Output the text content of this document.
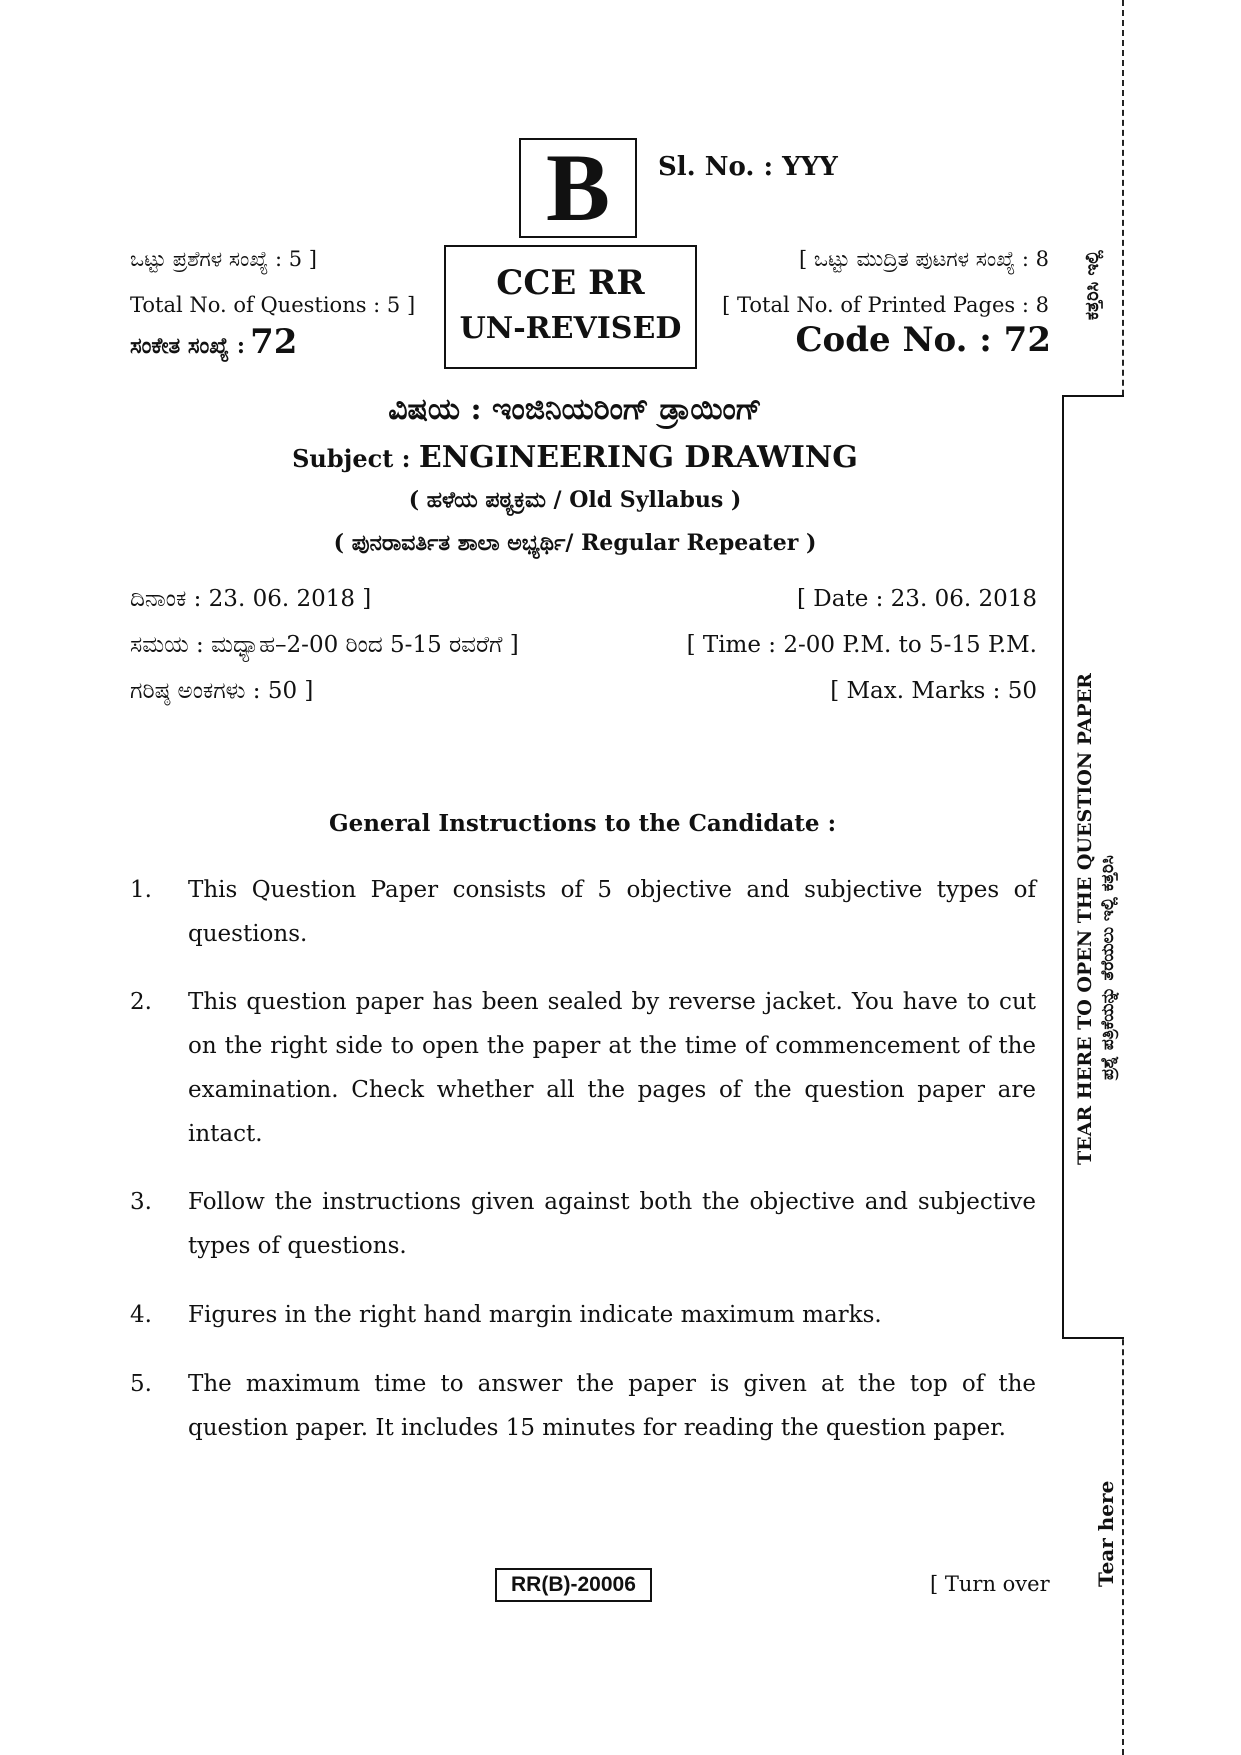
B	Sl. No. : YYY
ಒಟ್ಟು ಪ್ರಶೆಗಳ ಸಂಖ್ಯೆ : 5 ]
Total No. of Questions : 5 ]
ಸಂಕೇತ ಸಂಖ್ಯೆ : 72
CCE RR
UN-REVISED
[ ಒಟ್ಟು ಮುದ್ರಿತ ಪುಟಗಳ ಸಂಖ್ಯೆ : 8
[ Total No. of Printed Pages : 8
Code No. : 72
ವಿಷಯ : ಇಂಜಿನಿಯರಿಂಗ್ ಡ್ರಾಯಿಂಗ್
Subject : ENGINEERING DRAWING
( ಹಳೆಯ ಪಠ್ಯಕ್ರಮ / Old Syllabus )
( ಪುನರಾವರ್ತಿತ ಶಾಲಾ ಅಭ್ಯರ್ಥಿ/ Regular Repeater )
ದಿನಾಂಕ : 23. 06. 2018 ]	[ Date : 23. 06. 2018
ಸಮಯ : ಮಧ್ಯಾಹ–2-00 ರಿಂದ 5-15 ರವರೆಗೆ ]	[ Time : 2-00 P.M. to 5-15 P.M.
ಗರಿಷ್ಠ ಅಂಕಗಳು : 50 ]	[ Max. Marks : 50
General Instructions to the Candidate :
1. This Question Paper consists of 5 objective and subjective types of questions.
2. This question paper has been sealed by reverse jacket. You have to cut on the right side to open the paper at the time of commencement of the examination. Check whether all the pages of the question paper are intact.
3. Follow the instructions given against both the objective and subjective types of questions.
4. Figures in the right hand margin indicate maximum marks.
5. The maximum time to answer the paper is given at the top of the question paper. It includes 15 minutes for reading the question paper.
RR(B)-20006	[ Turn over
ಕತ್ತರಿಸಿ ಇಲ್ಲಿ
TEAR HERE TO OPEN THE QUESTION PAPER ಪ್ರಶ್ನೆ ಪತ್ರಿಕೆಯನ್ನು ತೆರೆಯಲು ಇಲ್ಲಿ ಕತ್ತರಿಸಿ
Tear here
